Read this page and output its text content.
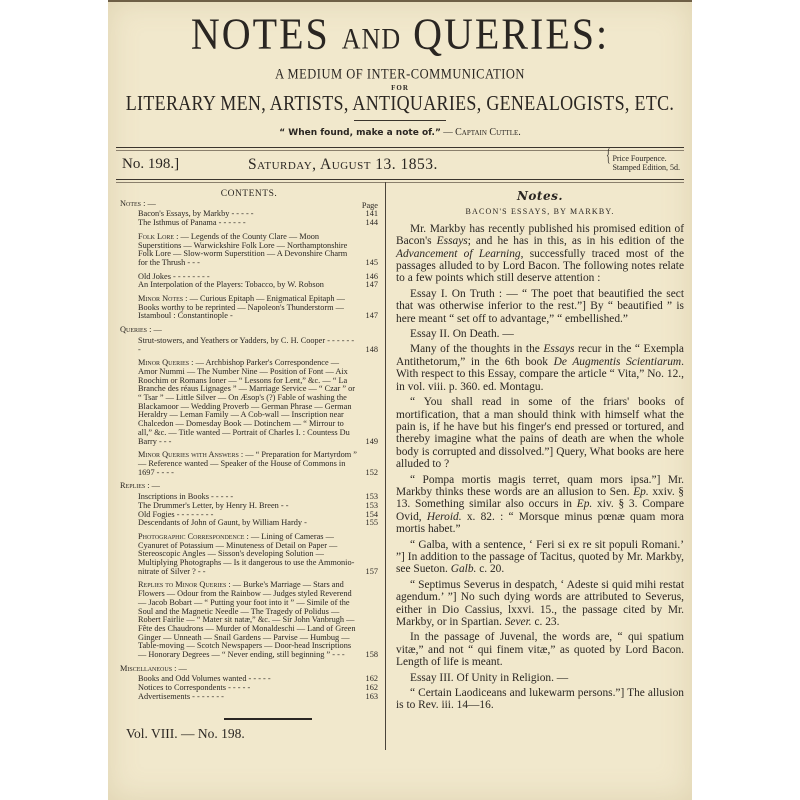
NOTES AND QUERIES:
A MEDIUM OF INTER-COMMUNICATION
FOR
LITERARY MEN, ARTISTS, ANTIQUARIES, GENEALOGISTS, ETC.
“ When found, make a note of.” — Captain Cuttle.
No. 198.]	Saturday, August 13. 1853.	{ Price Fourpence.
Stamped Edition, 5d.
CONTENTS.
Page
Notes : —
Bacon's Essays, by Markby - - - - -	141
The Isthmus of Panama - - - - - -	144
Folk Lore : — Legends of the County Clare — Moon Superstitions — Warwickshire Folk Lore — Northamptonshire Folk Lore — Slow-worm Superstition — A Devonshire Charm for the Thrush - - -	145
Old Jokes - - - - - - - -	146
An Interpolation of the Players: Tobacco, by W. Robson	147
Minor Notes : — Curious Epitaph — Enigmatical Epitaph — Books worthy to be reprinted — Napoleon's Thunderstorm — Istamboul : Constantinople -	147
Queries : —
Strut-stowers, and Yeathers or Yadders, by C. H. Cooper - - - - - - -	148
Minor Queries : — Archbishop Parker's Correspondence — Amor Nummi — The Number Nine — Position of Font — Aix Roochim or Romans Ioner — “ Lessons for Lent,” &c. — “ La Branche des réaus Lignages ” — Marriage Service — “ Czar ” or “ Tsar ” — Little Silver — On Æsop's (?) Fable of washing the Blackamoor — Wedding Proverb — German Phrase — German Heraldry — Leman Family — A Cob-wall — Inscription near Chalcedon — Domesday Book — Dotinchem — “ Mirrour to all,” &c. — Title wanted — Portrait of Charles I. : Countess Du Barry - - -	149
Minor Queries with Answers : — “ Preparation for Martyrdom ” — Reference wanted — Speaker of the House of Commons in 1697 - - - -	152
Replies : —
Inscriptions in Books - - - - -	153
The Drummer's Letter, by Henry H. Breen - -	153
Old Fogies - - - - - - - -	154
Descendants of John of Gaunt, by William Hardy -	155
Photographic Correspondence : — Lining of Cameras — Cyanuret of Potassium — Minuteness of Detail on Paper — Stereoscopic Angles — Sisson's developing Solution — Multiplying Photographs — Is it dangerous to use the Ammonio-nitrate of Silver ? - -	157
Replies to Minor Queries : — Burke's Marriage — Stars and Flowers — Odour from the Rainbow — Judges styled Reverend — Jacob Bobart — “ Putting your foot into it ” — Simile of the Soul and the Magnetic Needle — The Tragedy of Polidus — Robert Fairlie — “ Mater sit natæ,” &c. — Sir John Vanbrugh — Fête des Chaudrons — Murder of Monaldeschi — Land of Green Ginger — Unneath — Snail Gardens — Parvise — Humbug — Table-moving — Scotch Newspapers — Door-head Inscriptions — Honorary Degrees — “ Never ending, still beginning ” - - -	158
Miscellaneous : —
Books and Odd Volumes wanted - - - - -	162
Notices to Correspondents - - - - -	162
Advertisements - - - - - - -	163
Vol. VIII. — No. 198.
Notes.
BACON'S ESSAYS, BY MARKBY.

Mr. Markby has recently published his promised edition of Bacon's Essays; and he has in this, as in his edition of the Advancement of Learning, successfully traced most of the passages alluded to by Lord Bacon. The following notes relate to a few points which still deserve attention :

Essay I. On Truth : — “ The poet that beautified the sect that was otherwise inferior to the rest.”] By “ beautified ” is here meant “ set off to advantage,” “ embellished.”

Essay II. On Death. —

Many of the thoughts in the Essays recur in the “ Exempla Antithetorum,” in the 6th book De Augmentis Scientiarum. With respect to this Essay, compare the article “ Vita,” No. 12., in vol. viii. p. 360. ed. Montagu.

“ You shall read in some of the friars' books of mortification, that a man should think with himself what the pain is, if he have but his finger's end pressed or tortured, and thereby imagine what the pains of death are when the whole body is corrupted and dissolved.”] Query, What books are here alluded to ?

“ Pompa mortis magis terret, quam mors ipsa.”] Mr. Markby thinks these words are an allusion to Sen. Ep. xxiv. § 13. Something similar also occurs in Ep. xiv. § 3. Compare Ovid, Heroid. x. 82. : “ Morsque minus pœnæ quam mora mortis habet.”

“ Galba, with a sentence, ‘ Feri si ex re sit populi Romani.’ ”] In addition to the passage of Tacitus, quoted by Mr. Markby, see Sueton. Galb. c. 20.

“ Septimus Severus in despatch, ‘ Adeste si quid mihi restat agendum.’ ”] No such dying words are attributed to Severus, either in Dio Cassius, lxxvi. 15., the passage cited by Mr. Markby, or in Spartian. Sever. c. 23.

In the passage of Juvenal, the words are, “ qui spatium vitæ,” and not “ qui finem vitæ,” as quoted by Lord Bacon. Length of life is meant.

Essay III. Of Unity in Religion. —

“ Certain Laodiceans and lukewarm persons.”] The allusion is to Rev. iii. 14—16.
